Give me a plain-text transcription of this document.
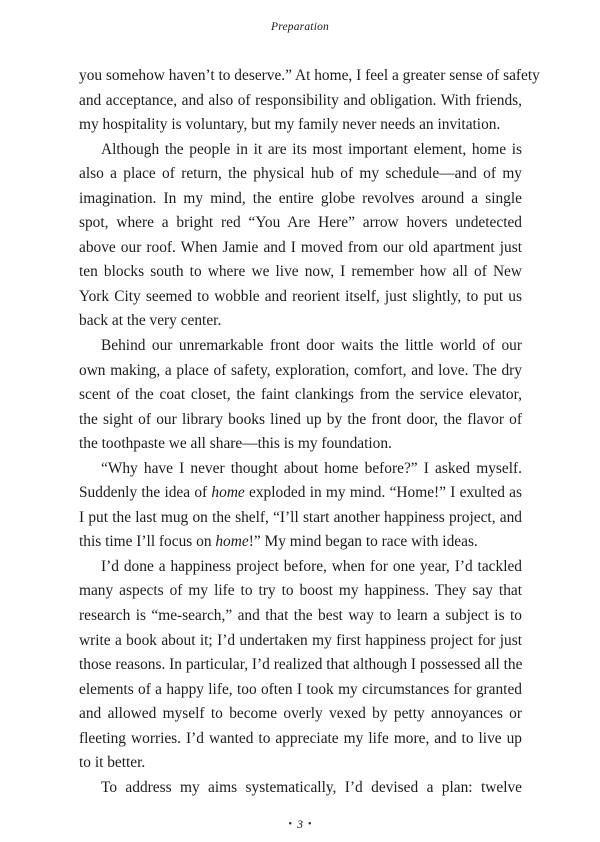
Preparation
you somehow haven’t to deserve.” At home, I feel a greater sense of safety
and acceptance, and also of responsibility and obligation. With friends,
my hospitality is voluntary, but my family never needs an invitation.
Although the people in it are its most important element, home is
also a place of return, the physical hub of my schedule—and of my
imagination. In my mind, the entire globe revolves around a single
spot, where a bright red “You Are Here” arrow hovers undetected
above our roof. When Jamie and I moved from our old apartment just
ten blocks south to where we live now, I remember how all of New
York City seemed to wobble and reorient itself, just slightly, to put us
back at the very center.
Behind our unremarkable front door waits the little world of our
own making, a place of safety, exploration, comfort, and love. The dry
scent of the coat closet, the faint clankings from the service elevator,
the sight of our library books lined up by the front door, the flavor of
the toothpaste we all share—this is my foundation.
“Why have I never thought about home before?” I asked myself.
Suddenly the idea of home exploded in my mind. “Home!” I exulted as
I put the last mug on the shelf, “I’ll start another happiness project, and
this time I’ll focus on home!” My mind began to race with ideas.
I’d done a happiness project before, when for one year, I’d tackled
many aspects of my life to try to boost my happiness. They say that
research is “me-search,” and that the best way to learn a subject is to
write a book about it; I’d undertaken my first happiness project for just
those reasons. In particular, I’d realized that although I possessed all the
elements of a happy life, too often I took my circumstances for granted
and allowed myself to become overly vexed by petty annoyances or
fleeting worries. I’d wanted to appreciate my life more, and to live up
to it better.
To address my aims systematically, I’d devised a plan: twelve
• 3 •
